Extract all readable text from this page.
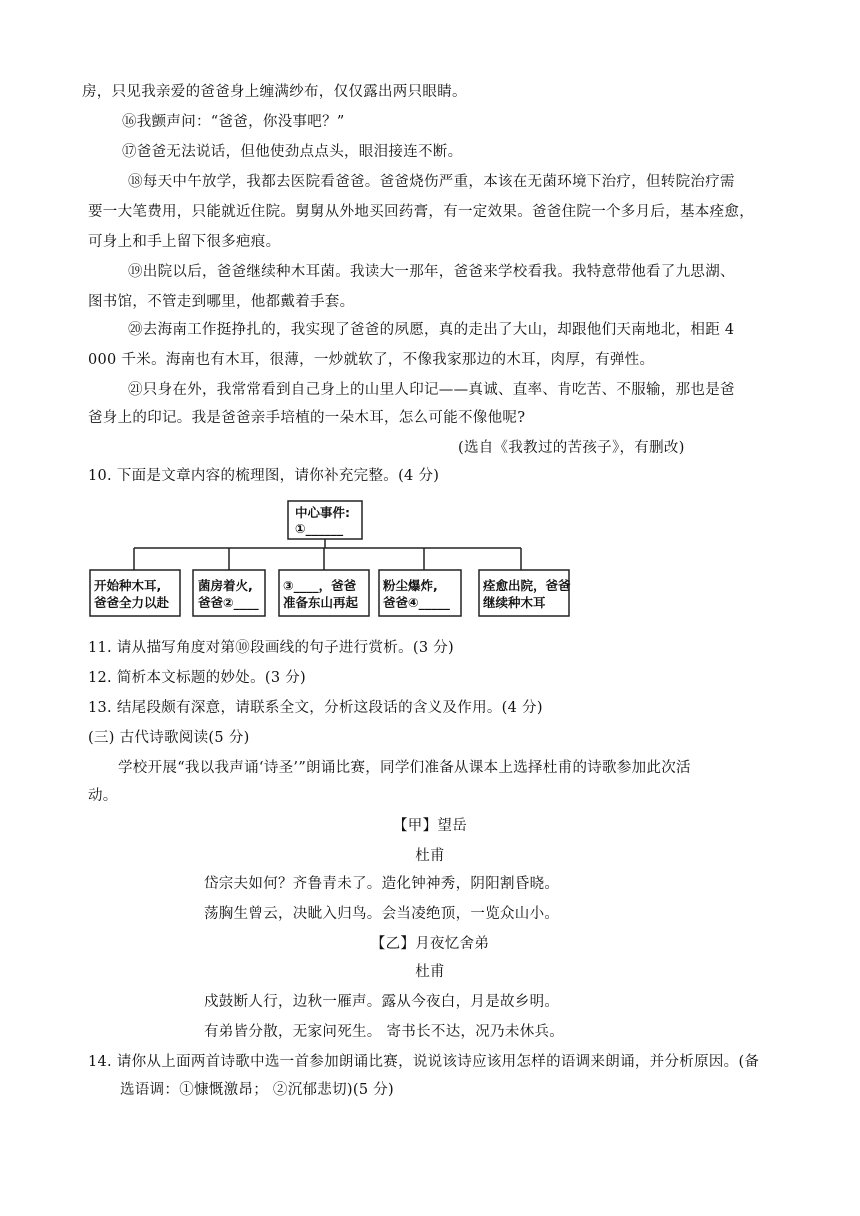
房，只见我亲爱的爸爸身上缠满纱布，仅仅露出两只眼睛。
⑯我颤声问：“爸爸，你没事吧？”
⑰爸爸无法说话，但他使劲点点头，眼泪接连不断。
⑱每天中午放学，我都去医院看爸爸。爸爸烧伤严重，本该在无菌环境下治疗，但转院治疗需
要一大笔费用，只能就近住院。舅舅从外地买回药膏，有一定效果。爸爸住院一个多月后，基本痊愈，
可身上和手上留下很多疤痕。
⑲出院以后，爸爸继续种木耳菌。我读大一那年，爸爸来学校看我。我特意带他看了九思湖、
图书馆，不管走到哪里，他都戴着手套。
⑳去海南工作挺挣扎的，我实现了爸爸的夙愿，真的走出了大山，却跟他们天南地北，相距 4
000 千米。海南也有木耳，很薄，一炒就软了，不像我家那边的木耳，肉厚，有弹性。
㉑只身在外，我常常看到自己身上的山里人印记——真诚、直率、肯吃苦、不服输，那也是爸
爸身上的印记。我是爸爸亲手培植的一朵木耳，怎么可能不像他呢?
(选自《我教过的苦孩子》，有删改)
10. 下面是文章内容的梳理图，请你补充完整。(4 分)
中心事件:
①______
开始种木耳,
爸爸全力以赴
菌房着火,
爸爸②____
③____，爸爸
准备东山再起
粉尘爆炸,
爸爸④_____
痊愈出院，爸爸
继续种木耳
11. 请从描写角度对第⑩段画线的句子进行赏析。(3 分)
12. 简析本文标题的妙处。(3 分)
13. 结尾段颇有深意，请联系全文，分析这段话的含义及作用。(4 分)
(三) 古代诗歌阅读(5 分)
学校开展“我以我声诵‘诗圣’”朗诵比赛，同学们准备从课本上选择杜甫的诗歌参加此次活
动。
【甲】望岳
杜甫
岱宗夫如何？齐鲁青未了。造化钟神秀，阴阳割昏晓。
荡胸生曾云，决眦入归鸟。会当凌绝顶，一览众山小。
【乙】月夜忆舍弟
杜甫
戍鼓断人行，边秋一雁声。露从今夜白，月是故乡明。
有弟皆分散，无家问死生。 寄书长不达，况乃未休兵。
14. 请你从上面两首诗歌中选一首参加朗诵比赛，说说该诗应该用怎样的语调来朗诵，并分析原因。(备
选语调：①慷慨激昂； ②沉郁悲切)(5 分)
